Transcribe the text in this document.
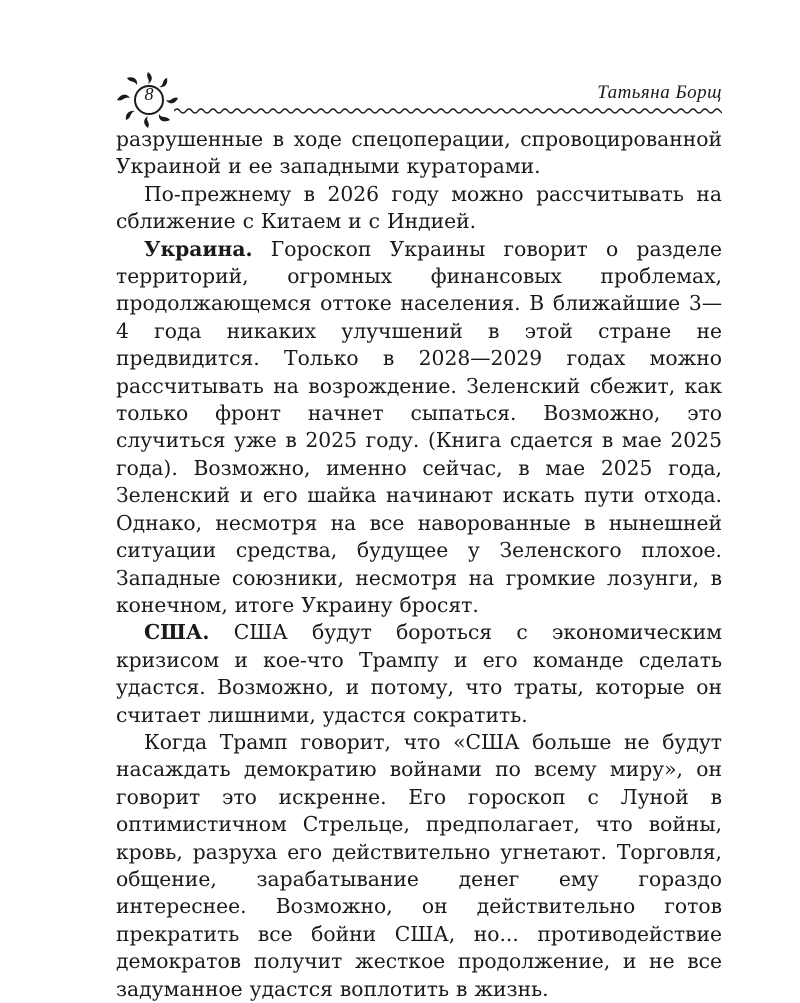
8	Татьяна Борщ

разрушенные в ходе спецоперации, спровоцированной Украиной и ее западными кураторами.

По-прежнему в 2026 году можно рассчитывать на сближение с Китаем и с Индией.

Украина. Гороскоп Украины говорит о разделе территорий, огромных финансовых проблемах, продолжающемся оттоке населения. В ближайшие 3—4 года никаких улучшений в этой стране не предвидится. Только в 2028—2029 годах можно рассчитывать на возрождение. Зеленский сбежит, как только фронт начнет сыпаться. Возможно, это случиться уже в 2025 году. (Книга сдается в мае 2025 года). Возможно, именно сейчас, в мае 2025 года, Зеленский и его шайка начинают искать пути отхода. Однако, несмотря на все наворованные в нынешней ситуации средства, будущее у Зеленского плохое. Западные союзники, несмотря на громкие лозунги, в конечном, итоге Украину бросят.

США. США будут бороться с экономическим кризисом и кое-что Трампу и его команде сделать удастся. Возможно, и потому, что траты, которые он считает лишними, удастся сократить.

Когда Трамп говорит, что «США больше не будут насаждать демократию войнами по всему миру», он говорит это искренне. Его гороскоп с Луной в оптимистичном Стрельце, предполагает, что войны, кровь, разруха его действительно угнетают. Торговля, общение, зарабатывание денег ему гораздо интереснее. Возможно, он действительно готов прекратить все бойни США, но... противодействие демократов получит жесткое продолжение, и не все задуманное удастся воплотить в жизнь.
